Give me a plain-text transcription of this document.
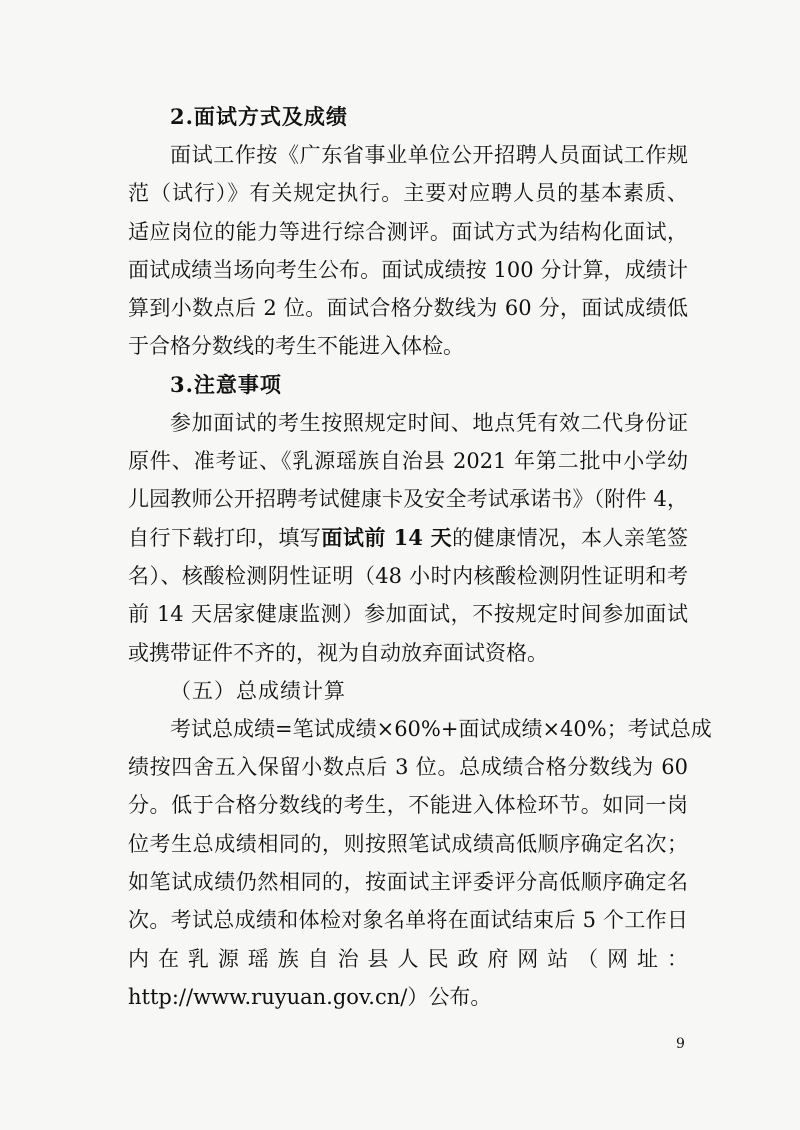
2.面试方式及成绩
面试工作按《广东省事业单位公开招聘人员面试工作规
范（试行）》有关规定执行。主要对应聘人员的基本素质、
适应岗位的能力等进行综合测评。面试方式为结构化面试，
面试成绩当场向考生公布。面试成绩按 100 分计算，成绩计
算到小数点后 2 位。面试合格分数线为 60 分，面试成绩低
于合格分数线的考生不能进入体检。
3.注意事项
参加面试的考生按照规定时间、地点凭有效二代身份证
原件、准考证、《乳源瑶族自治县 2021 年第二批中小学幼
儿园教师公开招聘考试健康卡及安全考试承诺书》（附件 4，
自行下载打印，填写面试前 14 天的健康情况，本人亲笔签
名）、核酸检测阴性证明（48 小时内核酸检测阴性证明和考
前 14 天居家健康监测）参加面试，不按规定时间参加面试
或携带证件不齐的，视为自动放弃面试资格。
（五）总成绩计算
考试总成绩=笔试成绩×60%+面试成绩×40%；考试总成
绩按四舍五入保留小数点后 3 位。总成绩合格分数线为 60
分。低于合格分数线的考生，不能进入体检环节。如同一岗
位考生总成绩相同的，则按照笔试成绩高低顺序确定名次；
如笔试成绩仍然相同的，按面试主评委评分高低顺序确定名
次。考试总成绩和体检对象名单将在面试结束后 5 个工作日
内在乳源瑶族自治县人民政府网站（网址：
http://www.ruyuan.gov.cn/）公布。
9
